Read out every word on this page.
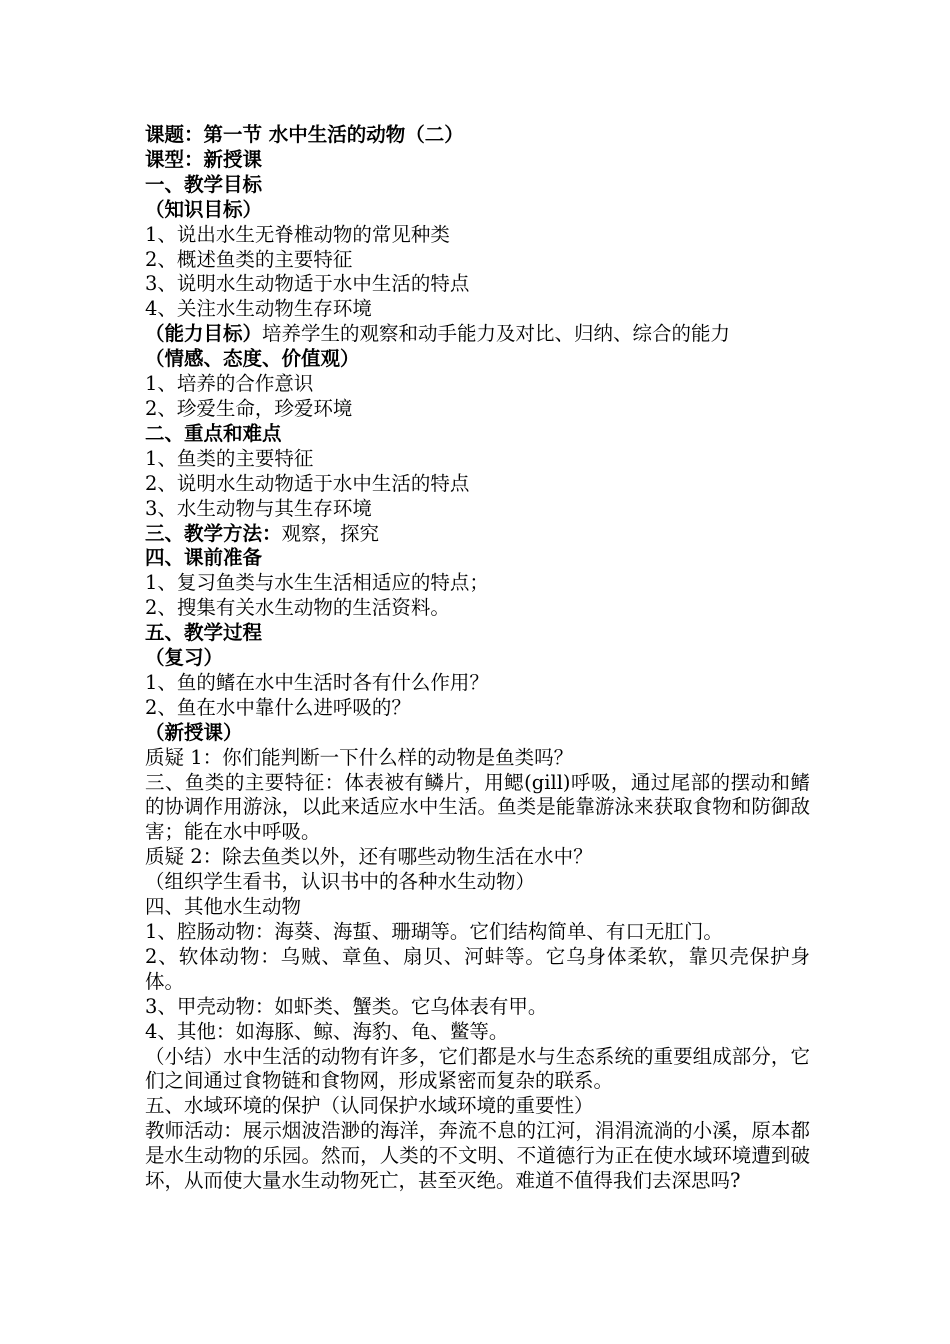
课题：第一节 水中生活的动物（二）
课型：新授课
一、教学目标
（知识目标）
1、说出水生无脊椎动物的常见种类
2、概述鱼类的主要特征
3、说明水生动物适于水中生活的特点
4、关注水生动物生存环境
（能力目标）培养学生的观察和动手能力及对比、归纳、综合的能力
（情感、态度、价值观）
1、培养的合作意识
2、珍爱生命，珍爱环境
二、重点和难点
1、鱼类的主要特征
2、说明水生动物适于水中生活的特点
3、水生动物与其生存环境
三、教学方法：观察，探究
四、课前准备
1、复习鱼类与水生生活相适应的特点；
2、搜集有关水生动物的生活资料。
五、教学过程
（复习）
1、鱼的鳍在水中生活时各有什么作用？
2、鱼在水中靠什么进呼吸的？
（新授课）
质疑 1：你们能判断一下什么样的动物是鱼类吗？
三、鱼类的主要特征：体表被有鳞片，用鳃(gill)呼吸，通过尾部的摆动和鳍的协调作用游泳，以此来适应水中生活。鱼类是能靠游泳来获取食物和防御敌害；能在水中呼吸。
质疑 2：除去鱼类以外，还有哪些动物生活在水中？
（组织学生看书，认识书中的各种水生动物）
四、其他水生动物
1、腔肠动物：海葵、海蜇、珊瑚等。它们结构简单、有口无肛门。
2、软体动物：乌贼、章鱼、扇贝、河蚌等。它乌身体柔软，靠贝壳保护身体。
3、甲壳动物：如虾类、蟹类。它乌体表有甲。
4、其他：如海豚、鲸、海豹、龟、鳖等。
（小结）水中生活的动物有许多，它们都是水与生态系统的重要组成部分，它们之间通过食物链和食物网，形成紧密而复杂的联系。
五、水域环境的保护（认同保护水域环境的重要性）
教师活动：展示烟波浩渺的海洋，奔流不息的江河，涓涓流淌的小溪，原本都是水生动物的乐园。然而，人类的不文明、不道德行为正在使水域环境遭到破坏，从而使大量水生动物死亡，甚至灭绝。难道不值得我们去深思吗?
